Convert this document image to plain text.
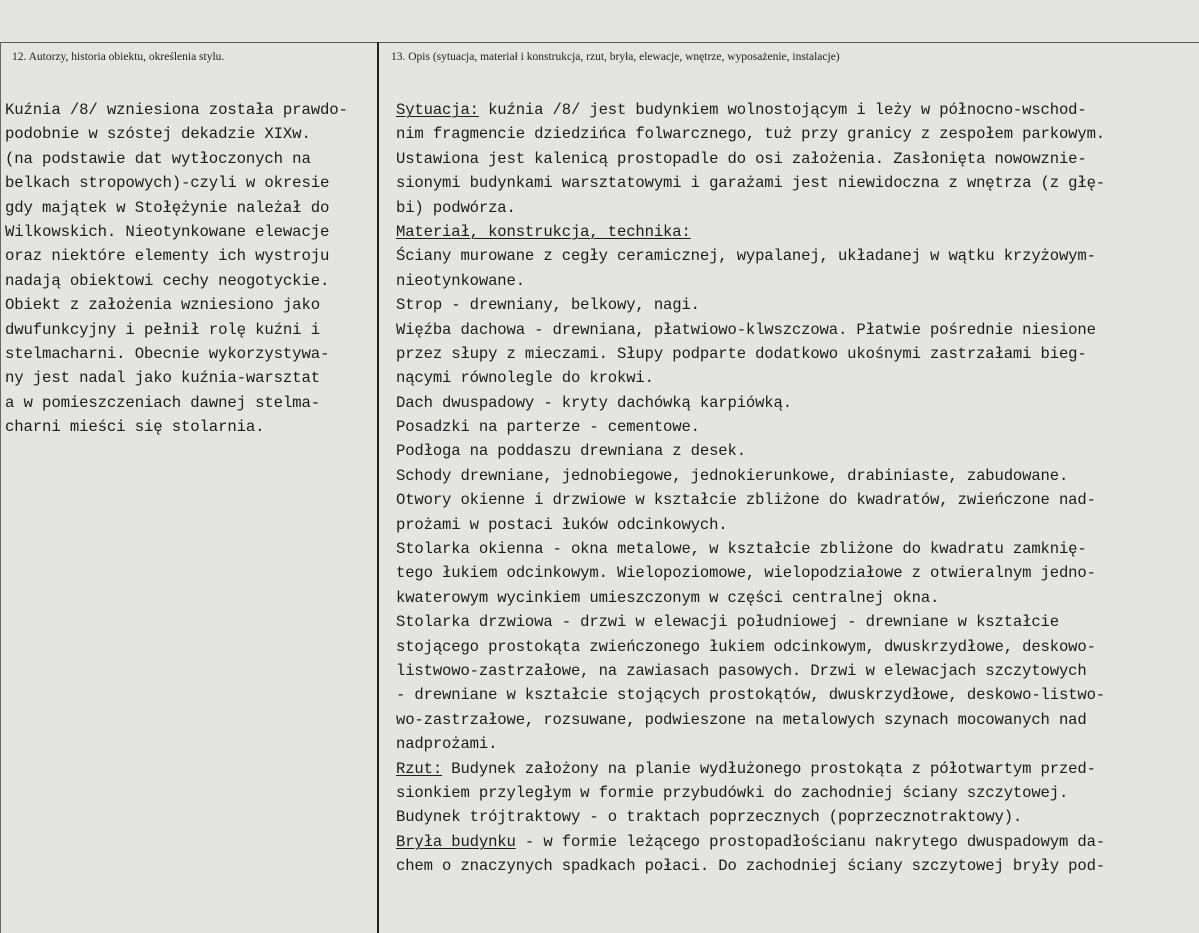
12. Autorzy, historia obiektu, określenia stylu.	13. Opis (sytuacja, materiał i konstrukcja, rzut, bryła, elewacje, wnętrze, wyposażenie, instalacje)
Kuźnia /8/ wzniesiona została prawdo-
podobnie w szóstej dekadzie XIXw.
(na podstawie dat wytłoczonych na
belkach stropowych)-czyli w okresie
gdy majątek w Stołężynie należał do
Wilkowskich. Nieotynkowane elewacje
oraz niektóre elementy ich wystroju
nadają obiektowi cechy neogotyckie.
Obiekt z założenia wzniesiono jako
dwufunkcyjny i pełnił rolę kuźni i
stelmacharni. Obecnie wykorzystywa-
ny jest nadal jako kuźnia-warsztat
a w pomieszczeniach dawnej stelma-
charni mieści się stolarnia.
Sytuacja: kuźnia /8/ jest budynkiem wolnostojącym i leży w północno-wschod-
nim fragmencie dziedzińca folwarcznego, tuż przy granicy z zespołem parkowym.
Ustawiona jest kalenicą prostopadle do osi założenia. Zasłonięta nowowznie-
sionymi budynkami warsztatowymi i garażami jest niewidoczna z wnętrza (z głę-
bi) podwórza.
Materiał, konstrukcja, technika:
Ściany murowane z cegły ceramicznej, wypalanej, układanej w wątku krzyżowym-
nieotynkowane.
Strop - drewniany, belkowy, nagi.
Więźba dachowa - drewniana, płatwiowo-klwszczowa. Płatwie pośrednie niesione
przez słupy z mieczami. Słupy podparte dodatkowo ukośnymi zastrzałami bieg-
nącymi równolegle do krokwi.
Dach dwuspadowy - kryty dachówką karpiówką.
Posadzki na parterze - cementowe.
Podłoga na poddaszu drewniana z desek.
Schody drewniane, jednobiegowe, jednokierunkowe, drabiniaste, zabudowane.
Otwory okienne i drzwiowe w kształcie zbliżone do kwadratów, zwieńczone nad-
prożami w postaci łuków odcinkowych.
Stolarka okienna - okna metalowe, w kształcie zbliżone do kwadratu zamknię-
tego łukiem odcinkowym. Wielopoziomowe, wielopodziałowe z otwieralnym jedno-
kwaterowym wycinkiem umieszczonym w części centralnej okna.
Stolarka drzwiowa - drzwi w elewacji południowej - drewniane w kształcie
stojącego prostokąta zwieńczonego łukiem odcinkowym, dwuskrzydłowe, deskowo-
listwowo-zastrzałowe, na zawiasach pasowych. Drzwi w elewacjach szczytowych
- drewniane w kształcie stojących prostokątów, dwuskrzydłowe, deskowo-listwo-
wo-zastrzałowe, rozsuwane, podwieszone na metalowych szynach mocowanych nad
nadprożami.
Rzut: Budynek założony na planie wydłużonego prostokąta z półotwartym przed-
sionkiem przyległym w formie przybudówki do zachodniej ściany szczytowej.
Budynek trójtraktowy - o traktach poprzecznych (poprzecznotraktowy).
Bryła budynku - w formie leżącego prostopadłościanu nakrytego dwuspadowym da-
chem o znaczynych spadkach połaci. Do zachodniej ściany szczytowej bryły pod-
